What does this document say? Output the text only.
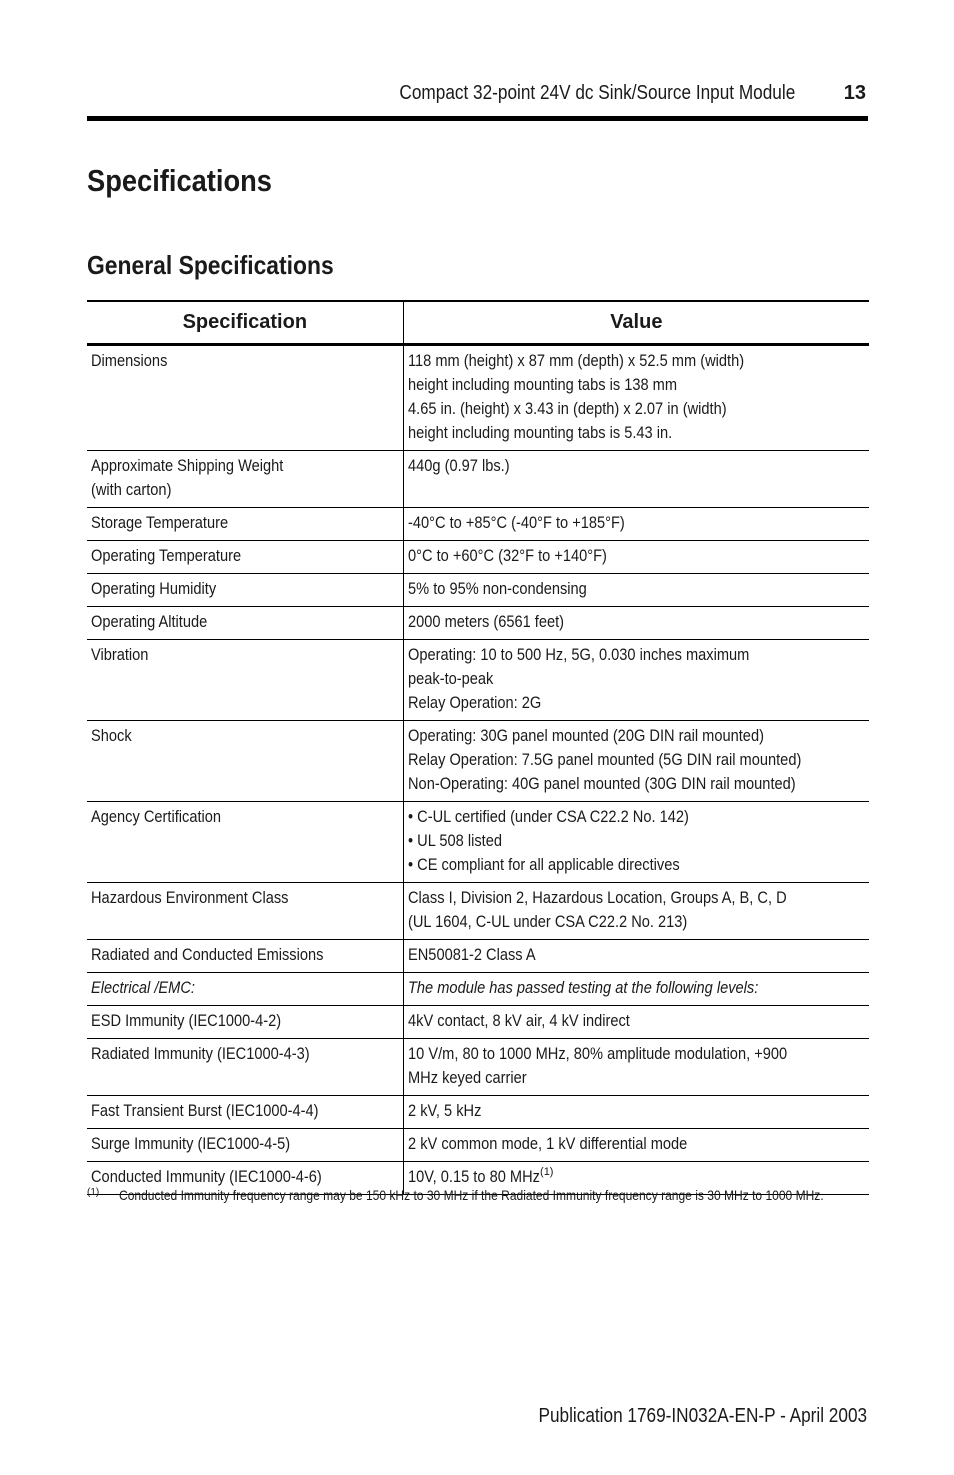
Compact 32-point 24V dc Sink/Source Input Module 13
Specifications
General Specifications
Specification	Value

Dimensions	118 mm (height) x 87 mm (depth) x 52.5 mm (width)
height including mounting tabs is 138 mm
4.65 in. (height) x 3.43 in (depth) x 2.07 in (width)
height including mounting tabs is 5.43 in.

Approximate Shipping Weight
(with carton)	440g (0.97 lbs.)

Storage Temperature	-40°C to +85°C (-40°F to +185°F)

Operating Temperature	0°C to +60°C (32°F to +140°F)

Operating Humidity	5% to 95% non-condensing

Operating Altitude	2000 meters (6561 feet)

Vibration	Operating: 10 to 500 Hz, 5G, 0.030 inches maximum
peak-to-peak
Relay Operation: 2G

Shock	Operating: 30G panel mounted (20G DIN rail mounted)
Relay Operation: 7.5G panel mounted (5G DIN rail mounted)
Non-Operating: 40G panel mounted (30G DIN rail mounted)

Agency Certification	• C-UL certified (under CSA C22.2 No. 142)
• UL 508 listed
• CE compliant for all applicable directives

Hazardous Environment Class	Class I, Division 2, Hazardous Location, Groups A, B, C, D
(UL 1604, C-UL under CSA C22.2 No. 213)

Radiated and Conducted Emissions	EN50081-2 Class A

Electrical /EMC:	The module has passed testing at the following levels:

ESD Immunity (IEC1000-4-2)	4kV contact, 8 kV air, 4 kV indirect

Radiated Immunity (IEC1000-4-3)	10 V/m, 80 to 1000 MHz, 80% amplitude modulation, +900
MHz keyed carrier

Fast Transient Burst (IEC1000-4-4)	2 kV, 5 kHz

Surge Immunity (IEC1000-4-5)	2 kV common mode, 1 kV differential mode

Conducted Immunity (IEC1000-4-6)	10V, 0.15 to 80 MHz$^{(1)}$
(1) Conducted Immunity frequency range may be 150 kHz to 30 MHz if the Radiated Immunity frequency range is 30 MHz to 1000 MHz.
Publication 1769-IN032A-EN-P - April 2003
